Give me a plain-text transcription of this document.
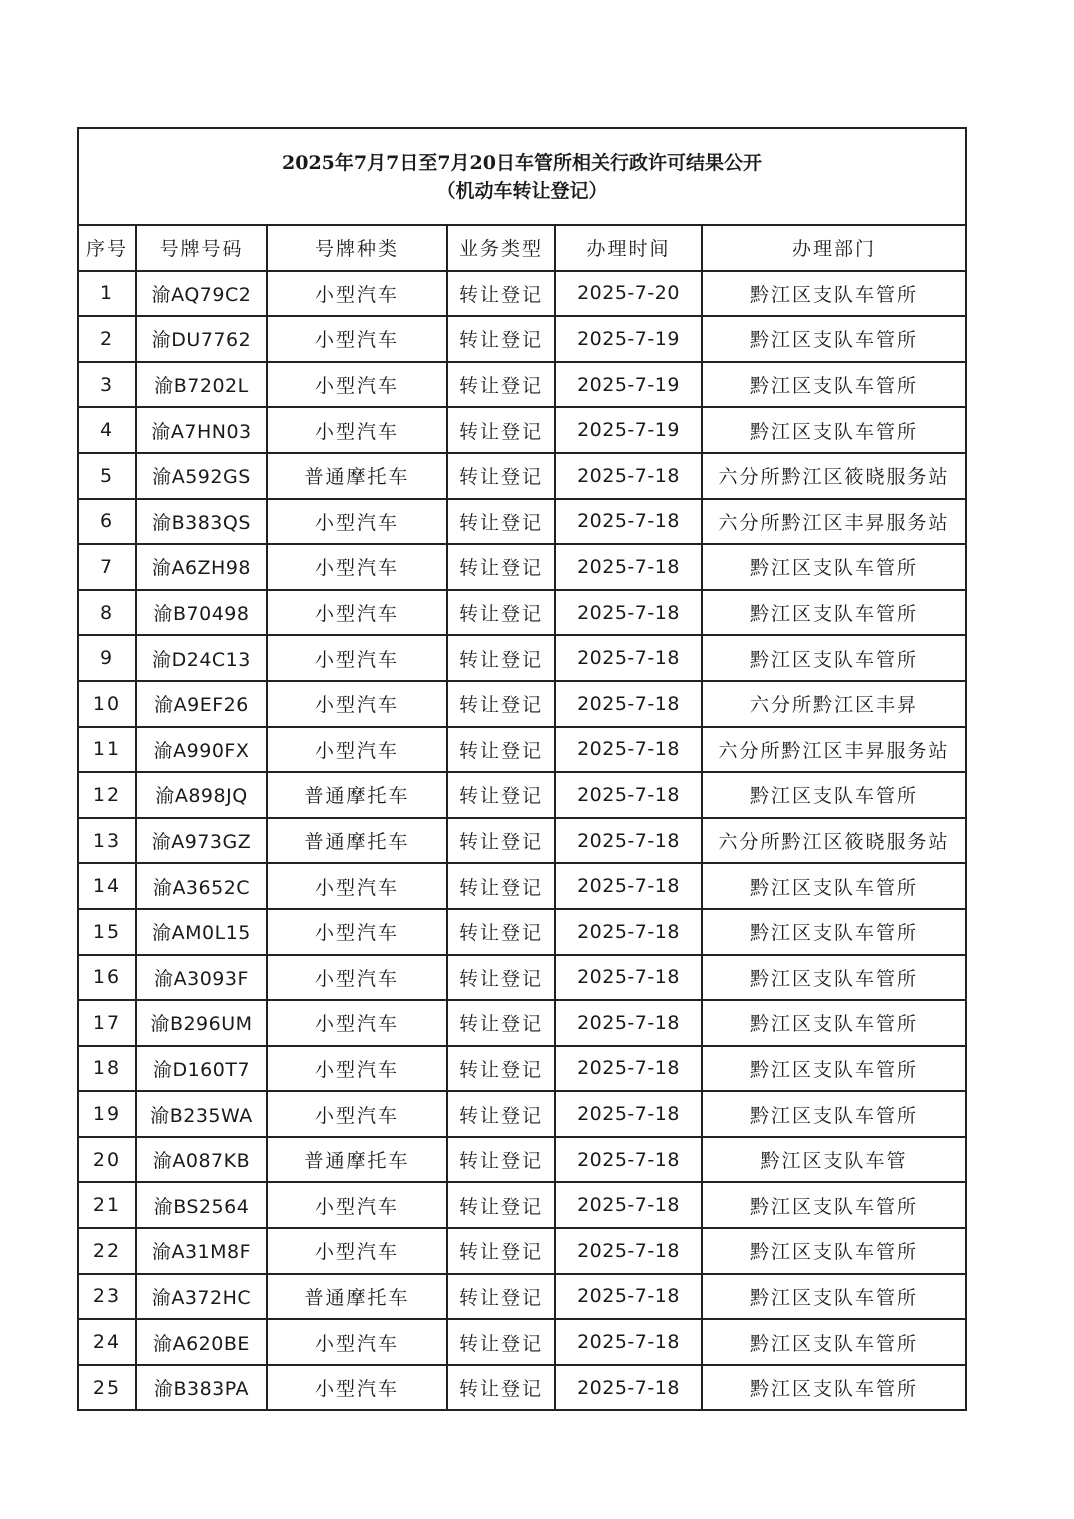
2025年7月7日至7月20日车管所相关行政许可结果公开
（机动车转让登记）
序号	号牌号码	号牌种类	业务类型	办理时间	办理部门
1	渝AQ79C2	小型汽车	转让登记	2025-7-20	黔江区支队车管所
2	渝DU7762	小型汽车	转让登记	2025-7-19	黔江区支队车管所
3	渝B7202L	小型汽车	转让登记	2025-7-19	黔江区支队车管所
4	渝A7HN03	小型汽车	转让登记	2025-7-19	黔江区支队车管所
5	渝A592GS	普通摩托车	转让登记	2025-7-18	六分所黔江区筱晓服务站
6	渝B383QS	小型汽车	转让登记	2025-7-18	六分所黔江区丰昇服务站
7	渝A6ZH98	小型汽车	转让登记	2025-7-18	黔江区支队车管所
8	渝B70498	小型汽车	转让登记	2025-7-18	黔江区支队车管所
9	渝D24C13	小型汽车	转让登记	2025-7-18	黔江区支队车管所
10	渝A9EF26	小型汽车	转让登记	2025-7-18	六分所黔江区丰昇
11	渝A990FX	小型汽车	转让登记	2025-7-18	六分所黔江区丰昇服务站
12	渝A898JQ	普通摩托车	转让登记	2025-7-18	黔江区支队车管所
13	渝A973GZ	普通摩托车	转让登记	2025-7-18	六分所黔江区筱晓服务站
14	渝A3652C	小型汽车	转让登记	2025-7-18	黔江区支队车管所
15	渝AM0L15	小型汽车	转让登记	2025-7-18	黔江区支队车管所
16	渝A3093F	小型汽车	转让登记	2025-7-18	黔江区支队车管所
17	渝B296UM	小型汽车	转让登记	2025-7-18	黔江区支队车管所
18	渝D160T7	小型汽车	转让登记	2025-7-18	黔江区支队车管所
19	渝B235WA	小型汽车	转让登记	2025-7-18	黔江区支队车管所
20	渝A087KB	普通摩托车	转让登记	2025-7-18	黔江区支队车管
21	渝BS2564	小型汽车	转让登记	2025-7-18	黔江区支队车管所
22	渝A31M8F	小型汽车	转让登记	2025-7-18	黔江区支队车管所
23	渝A372HC	普通摩托车	转让登记	2025-7-18	黔江区支队车管所
24	渝A620BE	小型汽车	转让登记	2025-7-18	黔江区支队车管所
25	渝B383PA	小型汽车	转让登记	2025-7-18	黔江区支队车管所
